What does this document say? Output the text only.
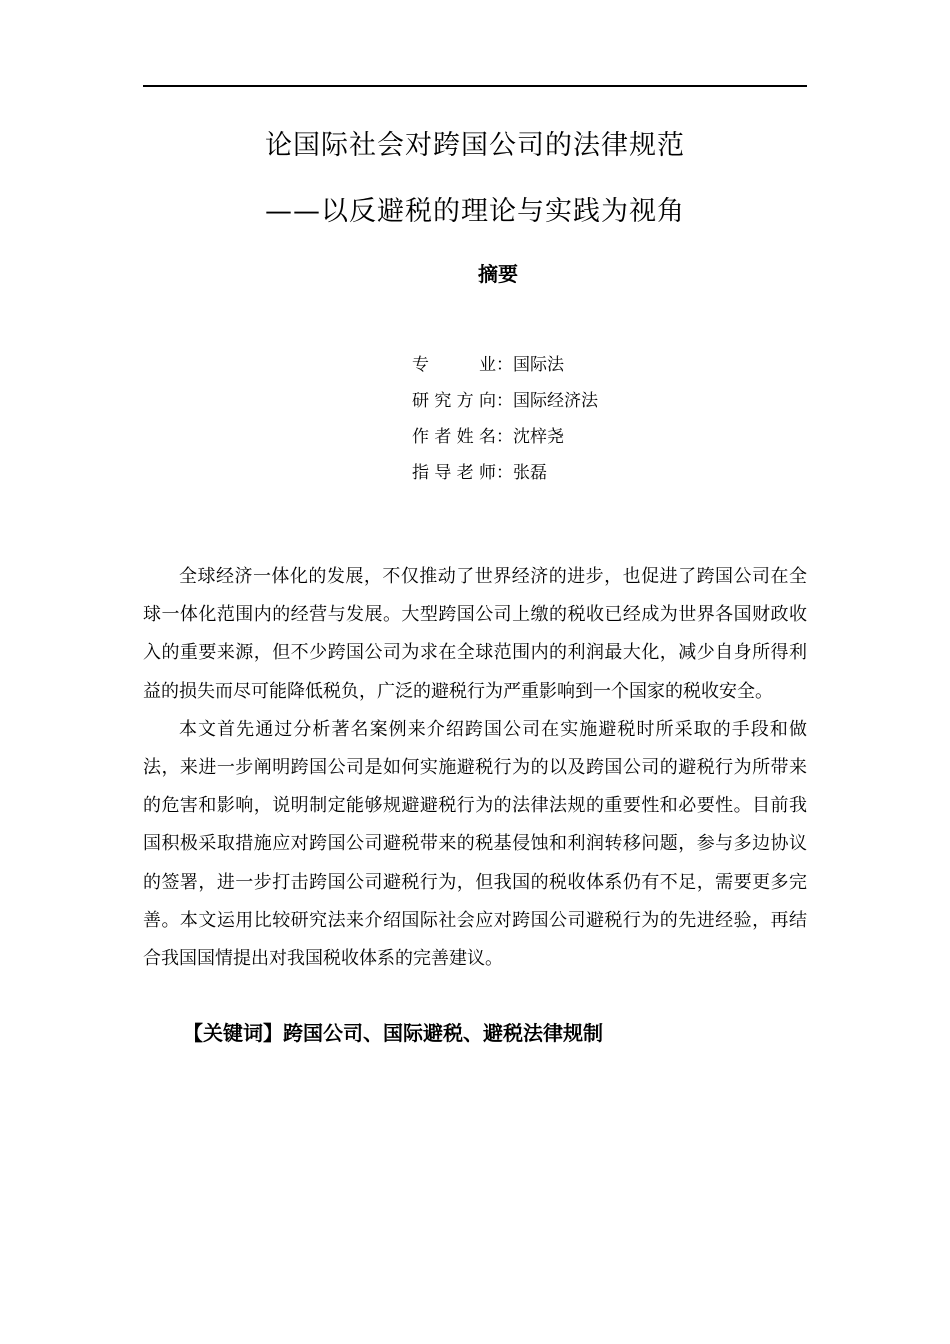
论国际社会对跨国公司的法律规范
——以反避税的理论与实践为视角
摘要
专业 ： 国际法
研究方向 ： 国际经济法
作者姓名 ： 沈梓尧
指导老师 ： 张磊

全球经济一体化的发展，不仅推动了世界经济的进步，也促进了跨国公司在全球一体化范围内的经营与发展。大型跨国公司上缴的税收已经成为世界各国财政收入的重要来源，但不少跨国公司为求在全球范围内的利润最大化，减少自身所得利益的损失而尽可能降低税负，广泛的避税行为严重影响到一个国家的税收安全。

本文首先通过分析著名案例来介绍跨国公司在实施避税时所采取的手段和做法，来进一步阐明跨国公司是如何实施避税行为的以及跨国公司的避税行为所带来的危害和影响，说明制定能够规避避税行为的法律法规的重要性和必要性。目前我国积极采取措施应对跨国公司避税带来的税基侵蚀和利润转移问题，参与多边协议的签署，进一步打击跨国公司避税行为，但我国的税收体系仍有不足，需要更多完善。本文运用比较研究法来介绍国际社会应对跨国公司避税行为的先进经验，再结合我国国情提出对我国税收体系的完善建议。

【关键词】跨国公司、国际避税、避税法律规制
